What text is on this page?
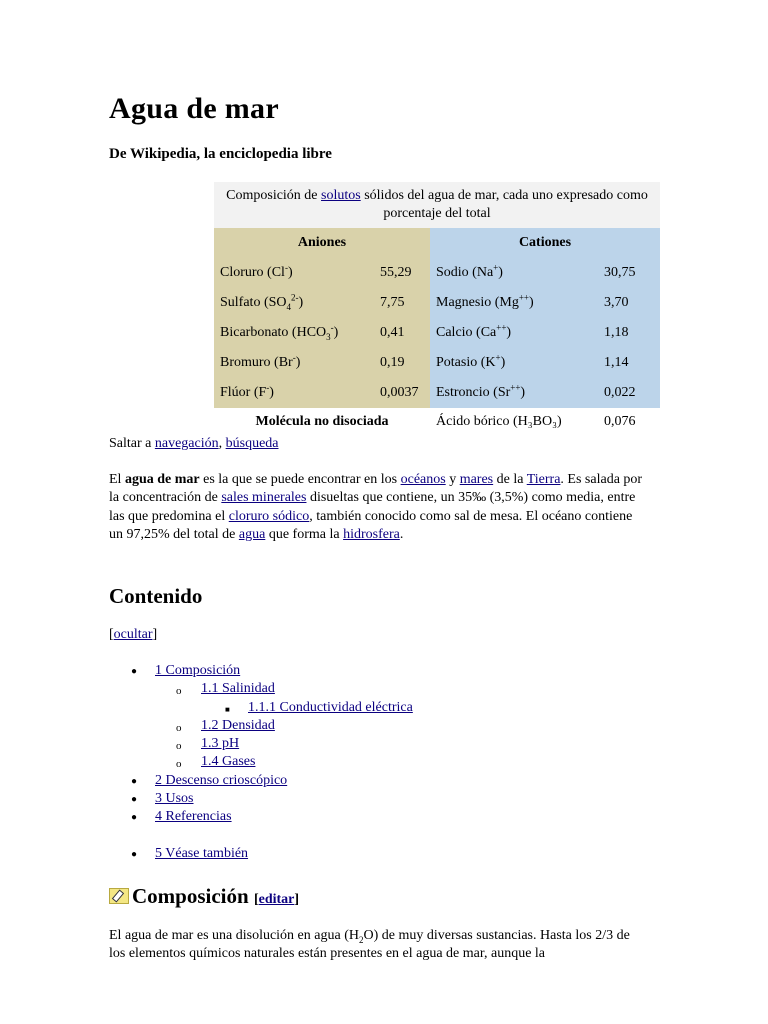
Agua de mar

De Wikipedia, la enciclopedia libre

Composición de solutos sólidos del agua de mar, cada uno expresado como porcentaje del total			
Aniones		Cationes	
Cloruro (Cl-)	55,29	Sodio (Na+)	30,75
Sulfato $(SO_4^{2-})$	7,75	Magnesio (Mg++)	3,70
Bicarbonato $(HCO_3^-)$	0,41	Calcio (Ca++)	1,18
Bromuro (Br-)	0,19	Potasio (K+)	1,14
Flúor (F-)	0,0037	Estroncio (Sr++)	0,022
Molécula no disociada		Ácido bórico (H₃BO₃)	0,076

Saltar a navegación, búsqueda

El agua de mar es la que se puede encontrar en los océanos y mares de la Tierra. Es salada por la concentración de sales minerales disueltas que contiene, un 35‰ (3,5%) como media, entre las que predomina el cloruro sódico, también conocido como sal de mesa. El océano contiene un 97,25% del total de agua que forma la hidrosfera.

Contenido

[ocultar]

● 1 Composición
o 1.1 Salinidad
■ 1.1.1 Conductividad eléctrica
o 1.2 Densidad
o 1.3 pH
o 1.4 Gases
● 2 Descenso crioscópico
● 3 Usos
● 4 Referencias
● 5 Véase también
Composición [editar]

El agua de mar es una disolución en agua $(H_2O)$ de muy diversas sustancias. Hasta los 2/3 de los elementos químicos naturales están presentes en el agua de mar, aunque la
